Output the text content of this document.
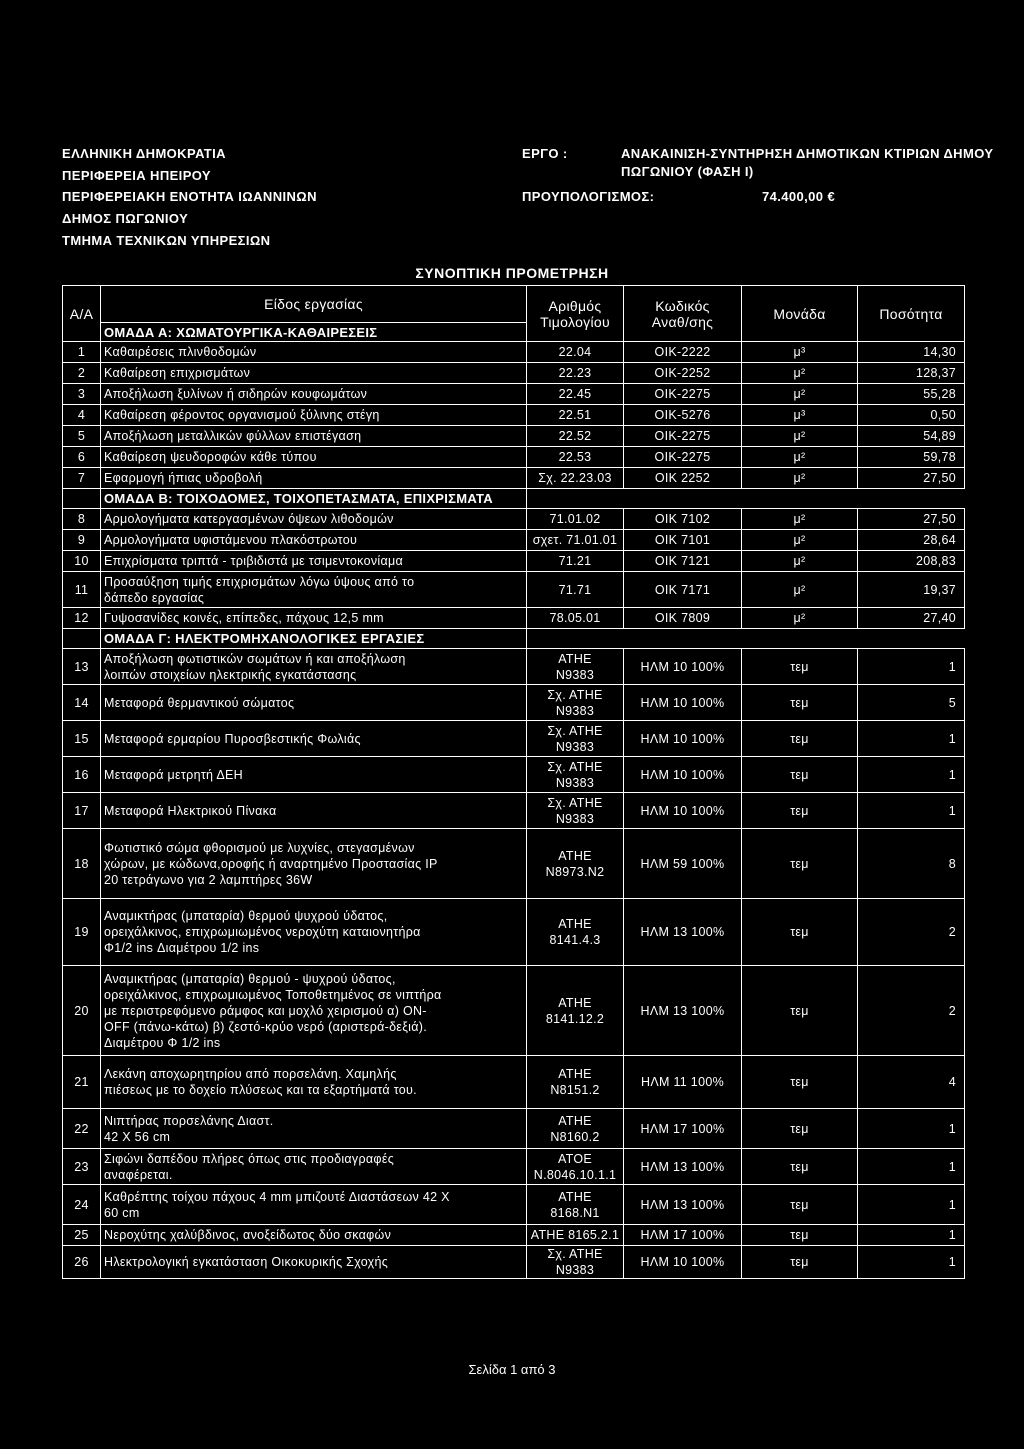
ΕΛΛΗΝΙΚΗ ΔΗΜΟΚΡΑΤΙΑ
ΠΕΡΙΦΕΡΕΙΑ ΗΠΕΙΡΟΥ
ΠΕΡΙΦΕΡΕΙΑΚΗ ΕΝΟΤΗΤΑ ΙΩΑΝΝΙΝΩΝ
ΔΗΜΟΣ ΠΩΓΩΝΙΟΥ
ΤΜΗΜΑ ΤΕΧΝΙΚΩΝ ΥΠΗΡΕΣΙΩΝ
ΕΡΓΟ :	ΑΝΑΚΑΙΝΙΣΗ-ΣΥΝΤΗΡΗΣΗ ΔΗΜΟΤΙΚΩΝ ΚΤΙΡΙΩΝ ΔΗΜΟΥ
ΠΩΓΩΝΙΟΥ (ΦΑΣΗ Ι)
ΠΡΟΥΠΟΛΟΓΙΣΜΟΣ:	74.400,00 €
ΣΥΝΟΠΤΙΚΗ ΠΡΟΜΕΤΡΗΣΗ
Α/Α	Είδος εργασίας	Αριθμός
Τιμολογίου	Κωδικός
Αναθ/σης	Μονάδα	Ποσότητα
	ΟΜΑΔΑ Α: ΧΩΜΑΤΟΥΡΓΙΚΑ-ΚΑΘΑΙΡΕΣΕΙΣ				
1	Καθαιρέσεις πλινθοδομών	22.04	ΟΙΚ-2222	μ³	14,30
2	Καθαίρεση επιχρισμάτων	22.23	ΟΙΚ-2252	μ²	128,37
3	Αποξήλωση ξυλίνων ή σιδηρών κουφωμάτων	22.45	ΟΙΚ-2275	μ²	55,28
4	Καθαίρεση φέροντος οργανισμού ξύλινης στέγη	22.51	ΟΙΚ-5276	μ³	0,50
5	Αποξήλωση μεταλλικών φύλλων επιστέγαση	22.52	ΟΙΚ-2275	μ²	54,89
6	Καθαίρεση ψευδοροφών κάθε τύπου	22.53	ΟΙΚ-2275	μ²	59,78
7	Εφαρμογή ήπιας υδροβολή	Σχ. 22.23.03	ΟΙΚ 2252	μ²	27,50
	ΟΜΑΔΑ Β: ΤΟΙΧΟΔΟΜΕΣ, ΤΟΙΧΟΠΕΤΑΣΜΑΤΑ, ΕΠΙΧΡΙΣΜΑΤΑ				
8	Αρμολογήματα κατεργασμένων όψεων λιθοδομών	71.01.02	ΟΙΚ 7102	μ²	27,50
9	Αρμολογήματα υφιστάμενου πλακόστρωτου	σχετ. 71.01.01	ΟΙΚ 7101	μ²	28,64
10	Επιχρίσματα τριπτά - τριβιδιστά με τσιμεντοκονίαμα	71.21	ΟΙΚ 7121	μ²	208,83
11	Προσαύξηση τιμής επιχρισμάτων λόγω ύψους από το
δάπεδο εργασίας	71.71	ΟΙΚ 7171	μ²	19,37
12	Γυψοσανίδες κοινές, επίπεδες, πάχους 12,5 mm	78.05.01	ΟΙΚ 7809	μ²	27,40
	ΟΜΑΔΑ Γ: ΗΛΕΚΤΡΟΜΗΧΑΝΟΛΟΓΙΚΕΣ ΕΡΓΑΣΙΕΣ				
13	Αποξήλωση φωτιστικών σωμάτων ή και αποξήλωση
λοιπών στοιχείων ηλεκτρικής εγκατάστασης	ΑΤΗΕ
Ν9383	ΗΛΜ 10 100%	τεμ	1
14	Μεταφορά θερμαντικού σώματος	Σχ. ΑΤΗΕ
Ν9383	ΗΛΜ 10 100%	τεμ	5
15	Μεταφορά ερμαρίου Πυροσβεστικής Φωλιάς	Σχ. ΑΤΗΕ
Ν9383	ΗΛΜ 10 100%	τεμ	1
16	Μεταφορά μετρητή ΔΕΗ	Σχ. ΑΤΗΕ
Ν9383	ΗΛΜ 10 100%	τεμ	1
17	Μεταφορά Ηλεκτρικού Πίνακα	Σχ. ΑΤΗΕ
Ν9383	ΗΛΜ 10 100%	τεμ	1
18	Φωτιστικό σώμα φθορισμού με λυχνίες, στεγασμένων
χώρων, με κώδωνα,οροφής ή αναρτημένο Προστασίας IP
20 τετράγωνο για 2 λαμπτήρες 36W	ΑΤΗΕ
Ν8973.Ν2	ΗΛΜ 59 100%	τεμ	8
19	Αναμικτήρας (μπαταρία) θερμού ψυχρού ύδατος,
ορειχάλκινος, επιχρωμιωμένος νεροχύτη καταιονητήρα
Φ1/2 ins Διαμέτρου 1/2 ins	ΑΤΗΕ
8141.4.3	ΗΛΜ 13 100%	τεμ	2
20	Αναμικτήρας (μπαταρία) θερμού - ψυχρού ύδατος,
ορειχάλκινος, επιχρωμιωμένος Τοποθετημένος σε νιπτήρα
με περιστρεφόμενο ράμφος και μοχλό χειρισμού α) ON-
OFF (πάνω-κάτω) β) ζεστό-κρύο νερό (αριστερά-δεξιά).
Διαμέτρου Φ 1/2 ins	ΑΤΗΕ
8141.12.2	ΗΛΜ 13 100%	τεμ	2
21	Λεκάνη αποχωρητηρίου από πορσελάνη. Χαμηλής
πιέσεως με το δοχείο πλύσεως και τα εξαρτήματά του.	ΑΤΗΕ
Ν8151.2	ΗΛΜ 11 100%	τεμ	4
22	Νιπτήρας πορσελάνης Διαστ.
42 Χ 56 cm	ΑΤΗΕ
Ν8160.2	ΗΛΜ 17 100%	τεμ	1
23	Σιφώνι δαπέδου πλήρες όπως στις προδιαγραφές
αναφέρεται.	ΑΤΟΕ
Ν.8046.10.1.1	ΗΛΜ 13 100%	τεμ	1
24	Καθρέπτης τοίχου πάχους 4 mm μπιζουτέ Διαστάσεων 42 Χ
60 cm	ΑΤΗΕ
8168.Ν1	ΗΛΜ 13 100%	τεμ	1
25	Νεροχύτης χαλύβδινος, ανοξείδωτος δύο σκαφών	ΑΤΗΕ 8165.2.1	ΗΛΜ 17 100%	τεμ	1
26	Ηλεκτρολογική εγκατάσταση Οικοκυρικής Σχοχής	Σχ. ΑΤΗΕ
Ν9383	ΗΛΜ 10 100%	τεμ	1
Σελίδα 1 από 3
